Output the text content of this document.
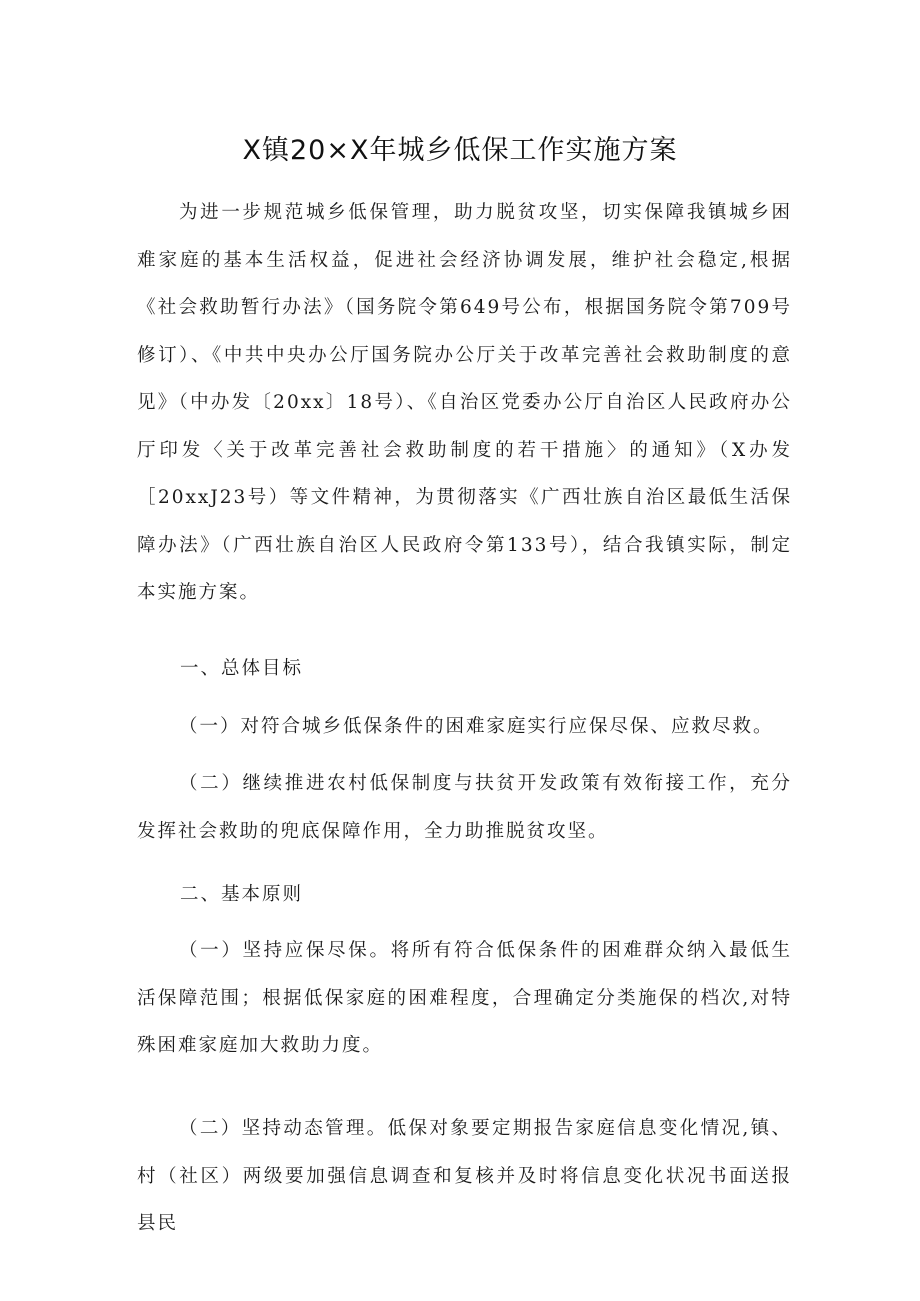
X镇20×X年城乡低保工作实施方案

为进一步规范城乡低保管理，助力脱贫攻坚，切实保障我镇城乡困难家庭的基本生活权益，促进社会经济协调发展，维护社会稳定,根据《社会救助暂行办法》（国务院令第649号公布，根据国务院令第709号修订）、《中共中央办公厅国务院办公厅关于改革完善社会救助制度的意见》（中办发〔20xx〕18号）、《自治区党委办公厅自治区人民政府办公厅印发〈关于改革完善社会救助制度的若干措施〉的通知》（X办发［20xxJ23号）等文件精神，为贯彻落实《广西壮族自治区最低生活保障办法》（广西壮族自治区人民政府令第133号），结合我镇实际，制定本实施方案。

一、总体目标

（一）对符合城乡低保条件的困难家庭实行应保尽保、应救尽救。

（二）继续推进农村低保制度与扶贫开发政策有效衔接工作，充分发挥社会救助的兜底保障作用，全力助推脱贫攻坚。

二、基本原则

（一）坚持应保尽保。将所有符合低保条件的困难群众纳入最低生活保障范围；根据低保家庭的困难程度，合理确定分类施保的档次,对特殊困难家庭加大救助力度。

（二）坚持动态管理。低保对象要定期报告家庭信息变化情况,镇、村（社区）两级要加强信息调查和复核并及时将信息变化状况书面送报县民
